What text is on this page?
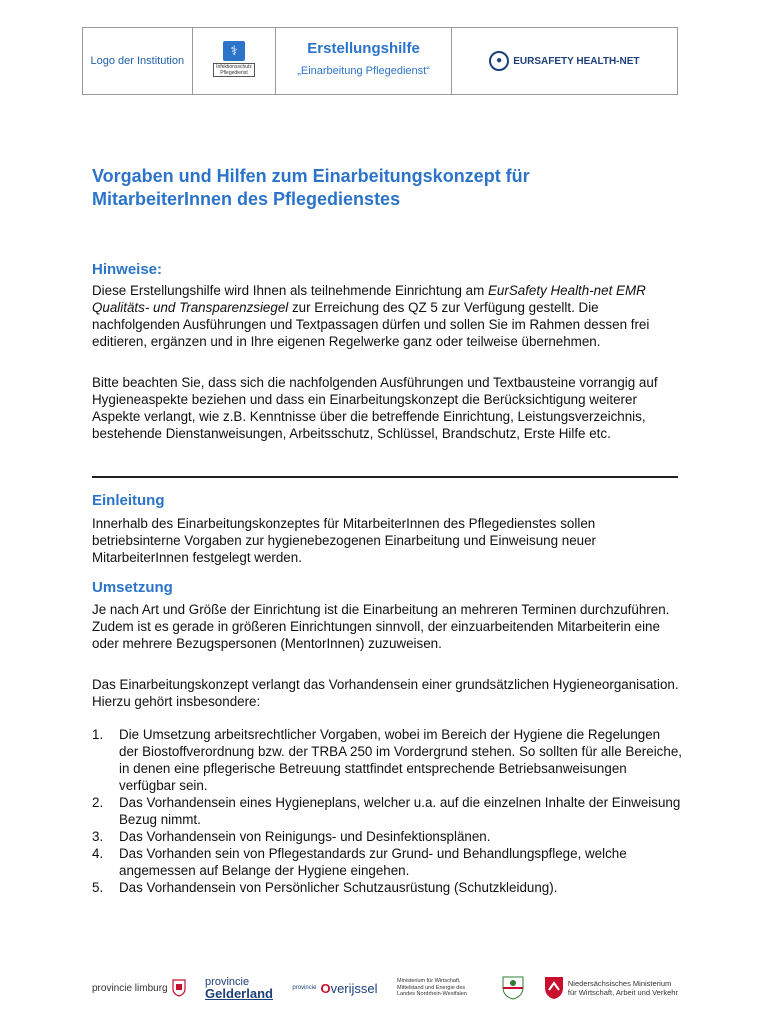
Logo der Institution
⚕
Infektionsschutz Pflegedienst
Erstellungshilfe
„Einarbeitung Pflegedienst“
●	EURSAFETY HEALTH-NET
Vorgaben und Hilfen zum Einarbeitungskonzept für
MitarbeiterInnen des Pflegedienstes
Hinweise:
Diese Erstellungshilfe wird Ihnen als teilnehmende Einrichtung am EurSafety Health-net EMR Qualitäts- und Transparenzsiegel zur Erreichung des QZ 5 zur Verfügung gestellt. Die nachfolgenden Ausführungen und Textpassagen dürfen und sollen Sie im Rahmen dessen frei editieren, ergänzen und in Ihre eigenen Regelwerke ganz oder teilweise übernehmen.
Bitte beachten Sie, dass sich die nachfolgenden Ausführungen und Textbausteine vorrangig auf Hygieneaspekte beziehen und dass ein Einarbeitungskonzept die Berücksichtigung weiterer Aspekte verlangt, wie z.B. Kenntnisse über die betreffende Einrichtung, Leistungsverzeichnis, bestehende Dienstanweisungen, Arbeitsschutz, Schlüssel, Brandschutz, Erste Hilfe etc.
Einleitung
Innerhalb des Einarbeitungskonzeptes für MitarbeiterInnen des Pflegedienstes sollen betriebsinterne Vorgaben zur hygienebezogenen Einarbeitung und Einweisung neuer MitarbeiterInnen festgelegt werden.
Umsetzung
Je nach Art und Größe der Einrichtung ist die Einarbeitung an mehreren Terminen durchzuführen. Zudem ist es gerade in größeren Einrichtungen sinnvoll, der einzuarbeitenden Mitarbeiterin eine oder mehrere Bezugspersonen (MentorInnen) zuzuweisen.
Das Einarbeitungskonzept verlangt das Vorhandensein einer grundsätzlichen Hygieneorganisation. Hierzu gehört insbesondere:
1.	Die Umsetzung arbeitsrechtlicher Vorgaben, wobei im Bereich der Hygiene die Regelungen der Biostoffverordnung bzw. der TRBA 250 im Vordergrund stehen. So sollten für alle Bereiche, in denen eine pflegerische Betreuung stattfindet entsprechende Betriebsanweisungen verfügbar sein.
2.	Das Vorhandensein eines Hygieneplans, welcher u.a. auf die einzelnen Inhalte der Einweisung Bezug nimmt.
3.	Das Vorhandensein von Reinigungs- und Desinfektionsplänen.
4.	Das Vorhanden sein von Pflegestandards zur Grund- und Behandlungspflege, welche angemessen auf Belange der Hygiene eingehen.
5.	Das Vorhandensein von Persönlicher Schutzausrüstung (Schutzkleidung).
provincie limburg	provincie
Gelderland	provincie Overijssel	Ministerium für Wirtschaft, Mittelstand und Energie des Landes Nordrhein-Westfalen
Niedersächsisches Ministerium
für Wirtschaft, Arbeit und Verkehr
